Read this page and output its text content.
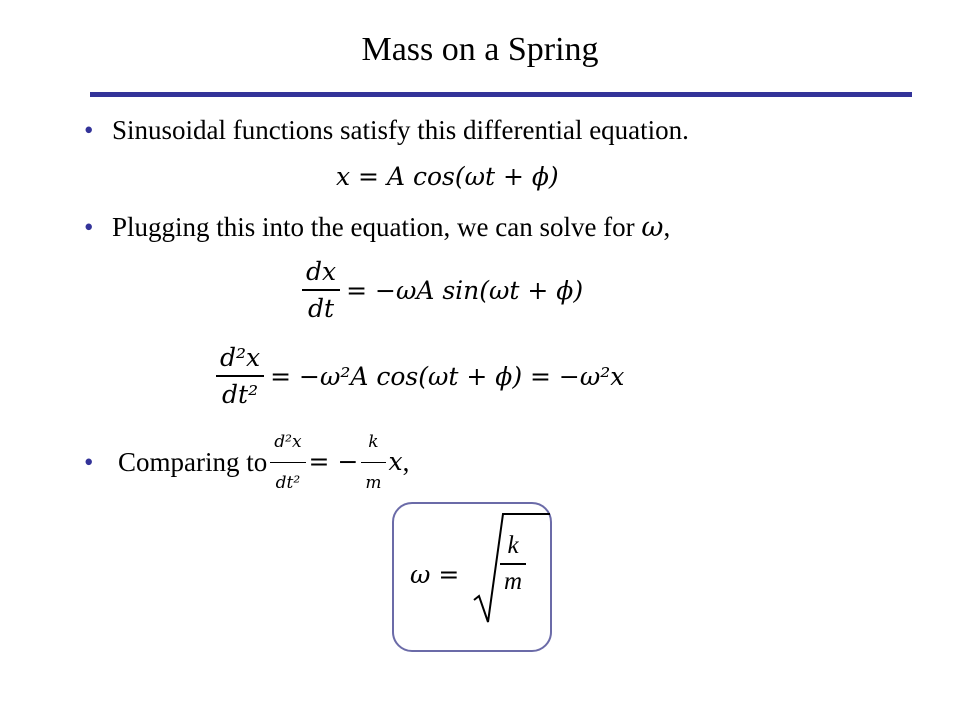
Mass on a Spring
• Sinusoidal functions satisfy this differential equation.
x = A cos(ωt + ϕ)
• Plugging this into the equation, we can solve for ω,
$\frac{dx}{dt} = -\omega A$ sin(ωt + ϕ)
$\frac{\text{d²x}}{\text{dt²}} = -\omega^2A$ cos(ωt + ϕ) = −ω²x
• Comparing to $\frac{\text{d²x}}{\text{dt²}}$ = − $\frac{k}{m}$ x ,
ω =
k
m
